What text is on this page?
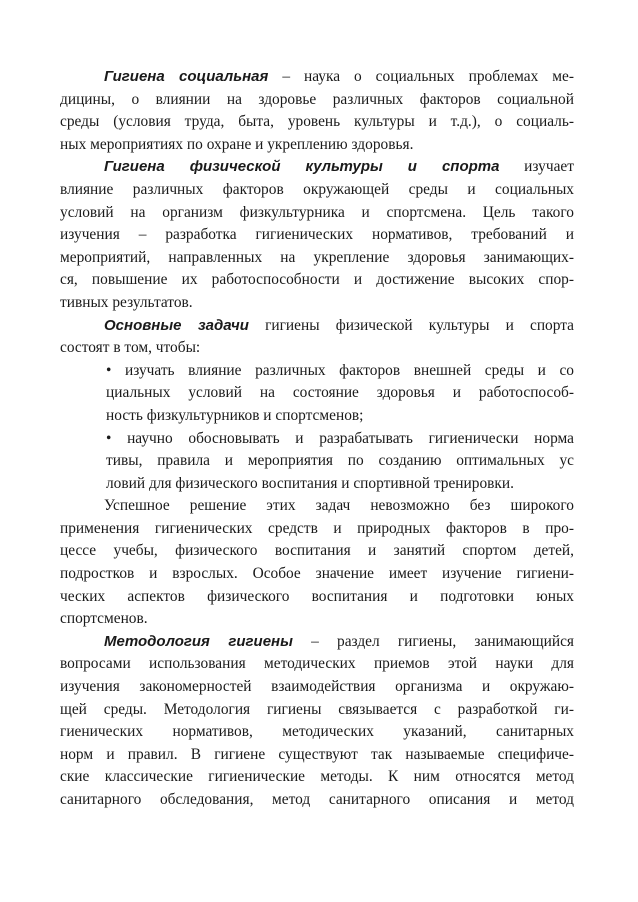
Гигиена социальная – наука о социальных проблемах ме-
дицины, о влиянии на здоровье различных факторов социальной
среды (условия труда, быта, уровень культуры и т.д.), о социаль-
ных мероприятиях по охране и укреплению здоровья.
Гигиена физической культуры и спорта изучает
влияние различных факторов окружающей среды и социальных
условий на организм физкультурника и спортсмена. Цель такого
изучения – разработка гигиенических нормативов, требований и
мероприятий, направленных на укрепление здоровья занимающих-
ся, повышение их работоспособности и достижение высоких спор-
тивных результатов.
Основные задачи гигиены физической культуры и спорта
состоят в том, чтобы:
• изучать влияние различных факторов внешней среды и со
циальных условий на состояние здоровья и работоспособ-
ность физкультурников и спортсменов;
• научно обосновывать и разрабатывать гигиенически норма
тивы, правила и мероприятия по созданию оптимальных ус
ловий для физического воспитания и спортивной тренировки.
Успешное решение этих задач невозможно без широкого
применения гигиенических средств и природных факторов в про-
цессе учебы, физического воспитания и занятий спортом детей,
подростков и взрослых. Особое значение имеет изучение гигиени-
ческих аспектов физического воспитания и подготовки юных
спортсменов.
Методология гигиены – раздел гигиены, занимающийся
вопросами использования методических приемов этой науки для
изучения закономерностей взаимодействия организма и окружаю-
щей среды. Методология гигиены связывается с разработкой ги-
гиенических нормативов, методических указаний, санитарных
норм и правил. В гигиене существуют так называемые специфиче-
ские классические гигиенические методы. К ним относятся метод
санитарного обследования, метод санитарного описания и метод
